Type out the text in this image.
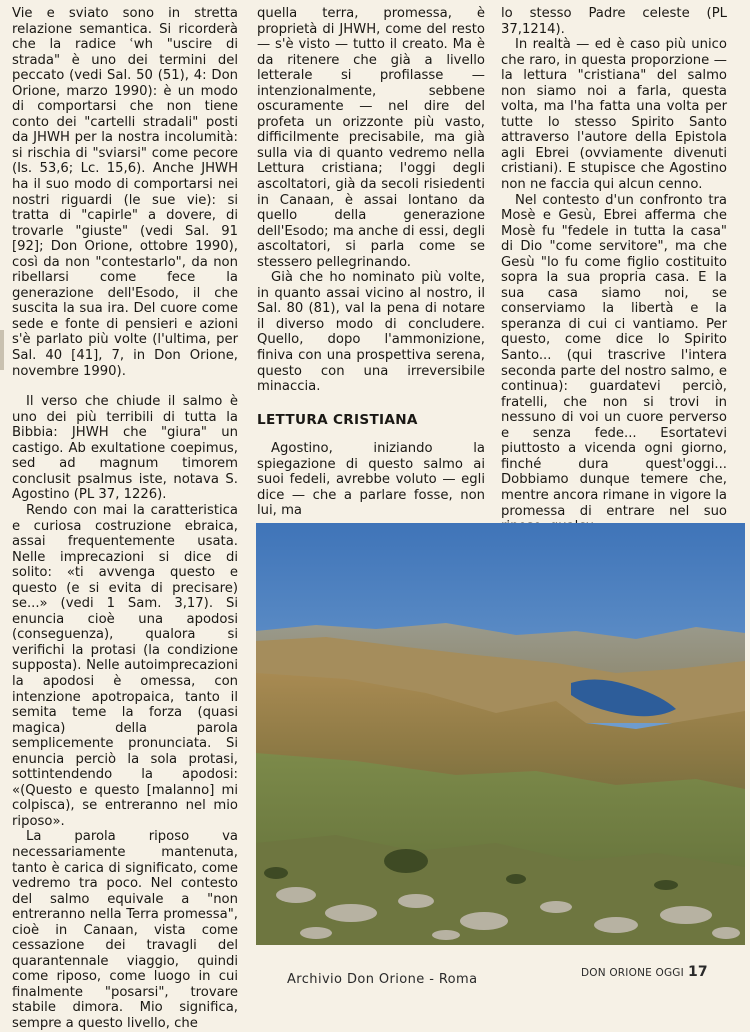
Vie e sviato sono in stretta relazione semantica. Si ricorderà che la radice ʿwh "uscire di strada" è uno dei termini del peccato (vedi Sal. 50 (51), 4: Don Orione, marzo 1990): è un modo di comportarsi che non tiene conto dei "cartelli stradali" posti da JHWH per la nostra incolumità: si rischia di "sviarsi" come pecore (Is. 53,6; Lc. 15,6). Anche JHWH ha il suo modo di comportarsi nei nostri riguardi (le sue vie): si tratta di "capirle" a dovere, di trovarle "giuste" (vedi Sal. 91 [92]; Don Orione, ottobre 1990), così da non "contestarlo", da non ribellarsi come fece la generazione dell'Esodo, il che suscita la sua ira. Del cuore come sede e fonte di pensieri e azioni s'è parlato più volte (l'ultima, per Sal. 40 [41], 7, in Don Orione, novembre 1990).

Il verso che chiude il salmo è uno dei più terribili di tutta la Bibbia: JHWH che "giura" un castigo. Ab exultatione coepimus, sed ad magnum timorem conclusit psalmus iste, notava S. Agostino (PL 37, 1226).

Rendo con mai la caratteristica e curiosa costruzione ebraica, assai frequentemente usata. Nelle imprecazioni si dice di solito: «ti avvenga questo e questo (e si evita di precisare) se...» (vedi 1 Sam. 3,17). Si enuncia cioè una apodosi (conseguenza), qualora si verifichi la protasi (la condizione supposta). Nelle autoimprecazioni la apodosi è omessa, con intenzione apotropaica, tanto il semita teme la forza (quasi magica) della parola semplicemente pronunciata. Si enuncia perciò la sola protasi, sottintendendo la apodosi: «(Questo e questo [malanno] mi colpisca), se entreranno nel mio riposo».

La parola riposo va necessariamente mantenuta, tanto è carica di significato, come vedremo tra poco. Nel contesto del salmo equivale a "non entreranno nella Terra promessa", cioè in Canaan, vista come cessazione dei travagli del quarantennale viaggio, quindi come riposo, come luogo in cui finalmente "posarsi", trovare stabile dimora. Mio significa, sempre a questo livello, che

quella terra, promessa, è proprietà di JHWH, come del resto — s'è visto — tutto il creato. Ma è da ritenere che già a livello letterale si profilasse — intenzionalmente, sebbene oscuramente — nel dire del profeta un orizzonte più vasto, difficilmente precisabile, ma già sulla via di quanto vedremo nella Lettura cristiana; l'oggi degli ascoltatori, già da secoli risiedenti in Canaan, è assai lontano da quello della generazione dell'Esodo; ma anche di essi, degli ascoltatori, si parla come se stessero pellegrinando.

Già che ho nominato più volte, in quanto assai vicino al nostro, il Sal. 80 (81), val la pena di notare il diverso modo di concludere. Quello, dopo l'ammonizione, finiva con una prospettiva serena, questo con una irreversibile minaccia.

LETTURA CRISTIANA

Agostino, iniziando la spiegazione di questo salmo ai suoi fedeli, avrebbe voluto — egli dice — che a parlare fosse, non lui, ma

lo stesso Padre celeste (PL 37,1214).

In realtà — ed è caso più unico che raro, in questa proporzione — la lettura "cristiana" del salmo non siamo noi a farla, questa volta, ma l'ha fatta una volta per tutte lo stesso Spirito Santo attraverso l'autore della Epistola agli Ebrei (ovviamente divenuti cristiani). E stupisce che Agostino non ne faccia qui alcun cenno.

Nel contesto d'un confronto tra Mosè e Gesù, Ebrei afferma che Mosè fu "fedele in tutta la casa" di Dio "come servitore", ma che Gesù "lo fu come figlio costituito sopra la sua propria casa. E la sua casa siamo noi, se conserviamo la libertà e la speranza di cui ci vantiamo. Per questo, come dice lo Spirito Santo... (qui trascrive l'intera seconda parte del nostro salmo, e continua): guardatevi perciò, fratelli, che non si trovi in nessuno di voi un cuore perverso e senza fede... Esortatevi piuttosto a vicenda ogni giorno, finché dura quest'oggi... Dobbiamo dunque temere che, mentre ancora rimane in vigore la promessa di entrare nel suo

Archivio Don Orione - Roma	DON ORIONE OGGI 17
